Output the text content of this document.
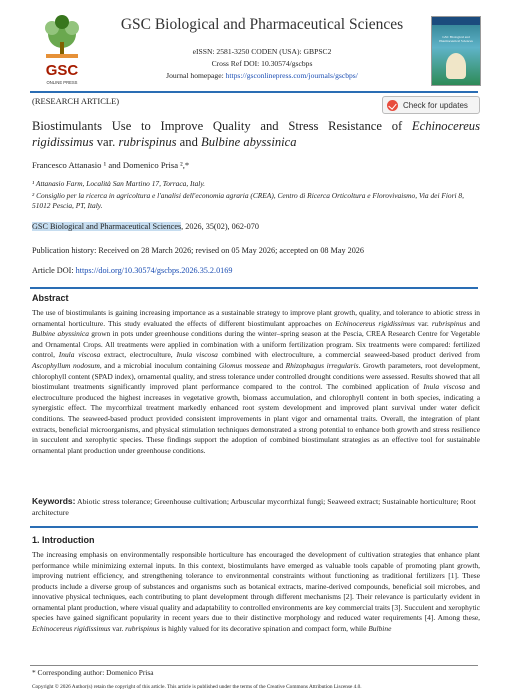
GSC
ONLINE PRESS
GSC Biological and Pharmaceutical Sciences
eISSN: 2581-3250 CODEN (USA): GBPSC2
Cross Ref DOI: 10.30574/gscbps
Journal homepage: https://gsconlinepress.com/journals/gscbps/
GSC Biological and Pharmaceutical Sciences
(RESEARCH ARTICLE)	Check for updates
Biostimulants Use to Improve Quality and Stress Resistance of Echinocereus rigidissimus var. rubrispinus and Bulbine abyssinica
Francesco Attanasio ¹ and Domenico Prisa ²,*
¹ Attanasio Farm, Località San Martino 17, Torraca, Italy.
² Consiglio per la ricerca in agricoltura e l'analisi dell'economia agraria (CREA), Centro di Ricerca Orticoltura e Florovivaismo, Via dei Fiori 8, 51012 Pescia, PT, Italy.
GSC Biological and Pharmaceutical Sciences, 2026, 35(02), 062-070
Publication history: Received on 28 March 2026; revised on 05 May 2026; accepted on 08 May 2026
Article DOI: https://doi.org/10.30574/gscbps.2026.35.2.0169
Abstract
The use of biostimulants is gaining increasing importance as a sustainable strategy to improve plant growth, quality, and tolerance to abiotic stress in ornamental horticulture. This study evaluated the effects of different biostimulant approaches on Echinocereus rigidissimus var. rubrispinus and Bulbine abyssinica grown in pots under greenhouse conditions during the winter–spring season at the Pescia, CREA Research Centre for Vegetable and Ornamental Crops. All treatments were applied in combination with a uniform fertilization program. Six treatments were compared: fertilized control, Inula viscosa extract, electroculture, Inula viscosa combined with electroculture, a commercial seaweed-based product derived from Ascophyllum nodosum, and a microbial inoculum containing Glomus mosseae and Rhizophagus irregularis. Growth parameters, root development, chlorophyll content (SPAD index), ornamental quality, and stress tolerance under controlled drought conditions were assessed. Results showed that all biostimulant treatments significantly improved plant performance compared to the control. The combined application of Inula viscosa and electroculture produced the highest increases in vegetative growth, biomass accumulation, and chlorophyll content in both species, indicating a synergistic effect. The mycorrhizal treatment markedly enhanced root system development and improved plant survival under water deficit conditions. The seaweed-based product provided consistent improvements in plant vigor and ornamental traits. Overall, the integration of plant extracts, beneficial microorganisms, and physical stimulation techniques demonstrated a strong potential to enhance both growth and stress resilience in succulent and xerophytic species. These findings support the adoption of combined biostimulant strategies as an effective tool for sustainable ornamental plant production under greenhouse conditions.
Keywords: Abiotic stress tolerance; Greenhouse cultivation; Arbuscular mycorrhizal fungi; Seaweed extract; Sustainable horticulture; Root architecture
1. Introduction
The increasing emphasis on environmentally responsible horticulture has encouraged the development of cultivation strategies that enhance plant performance while minimizing external inputs. In this context, biostimulants have emerged as valuable tools capable of promoting plant growth, improving nutrient efficiency, and strengthening tolerance to environmental constraints without functioning as traditional fertilizers [1]. These products include a diverse group of substances and organisms such as botanical extracts, marine-derived compounds, beneficial soil microbes, and innovative physical techniques, each contributing to plant development through different mechanisms [2]. Their relevance is particularly evident in ornamental plant production, where visual quality and adaptability to controlled environments are key commercial traits [3]. Succulent and xerophytic species have gained significant popularity in recent years due to their distinctive morphology and reduced water requirements [4]. Among these, Echinocereus rigidissimus var. rubrispinus is highly valued for its decorative spination and compact form, while Bulbine
* Corresponding author: Domenico Prisa
Copyright © 2026 Author(s) retain the copyright of this article. This article is published under the terms of the Creative Commons Attribution Liscense 4.0.
